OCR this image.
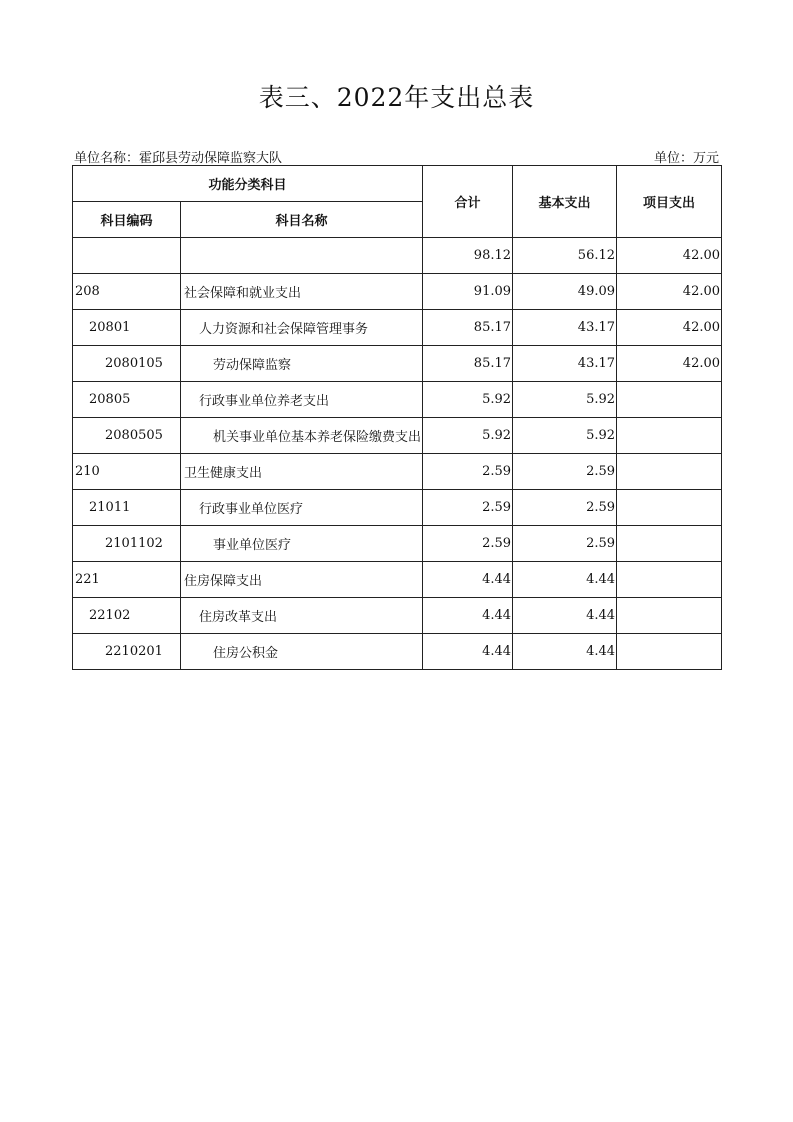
表三、2022年支出总表
单位名称：霍邱县劳动保障监察大队	单位：万元
功能分类科目		合计	基本支出	项目支出
科目编码	科目名称			
		98.12	56.12	42.00
208	社会保障和就业支出	91.09	49.09	42.00
20801	人力资源和社会保障管理事务	85.17	43.17	42.00
2080105	劳动保障监察	85.17	43.17	42.00
20805	行政事业单位养老支出	5.92	5.92	
2080505	机关事业单位基本养老保险缴费支出	5.92	5.92	
210	卫生健康支出	2.59	2.59	
21011	行政事业单位医疗	2.59	2.59	
2101102	事业单位医疗	2.59	2.59	
221	住房保障支出	4.44	4.44	
22102	住房改革支出	4.44	4.44	
2210201	住房公积金	4.44	4.44	
